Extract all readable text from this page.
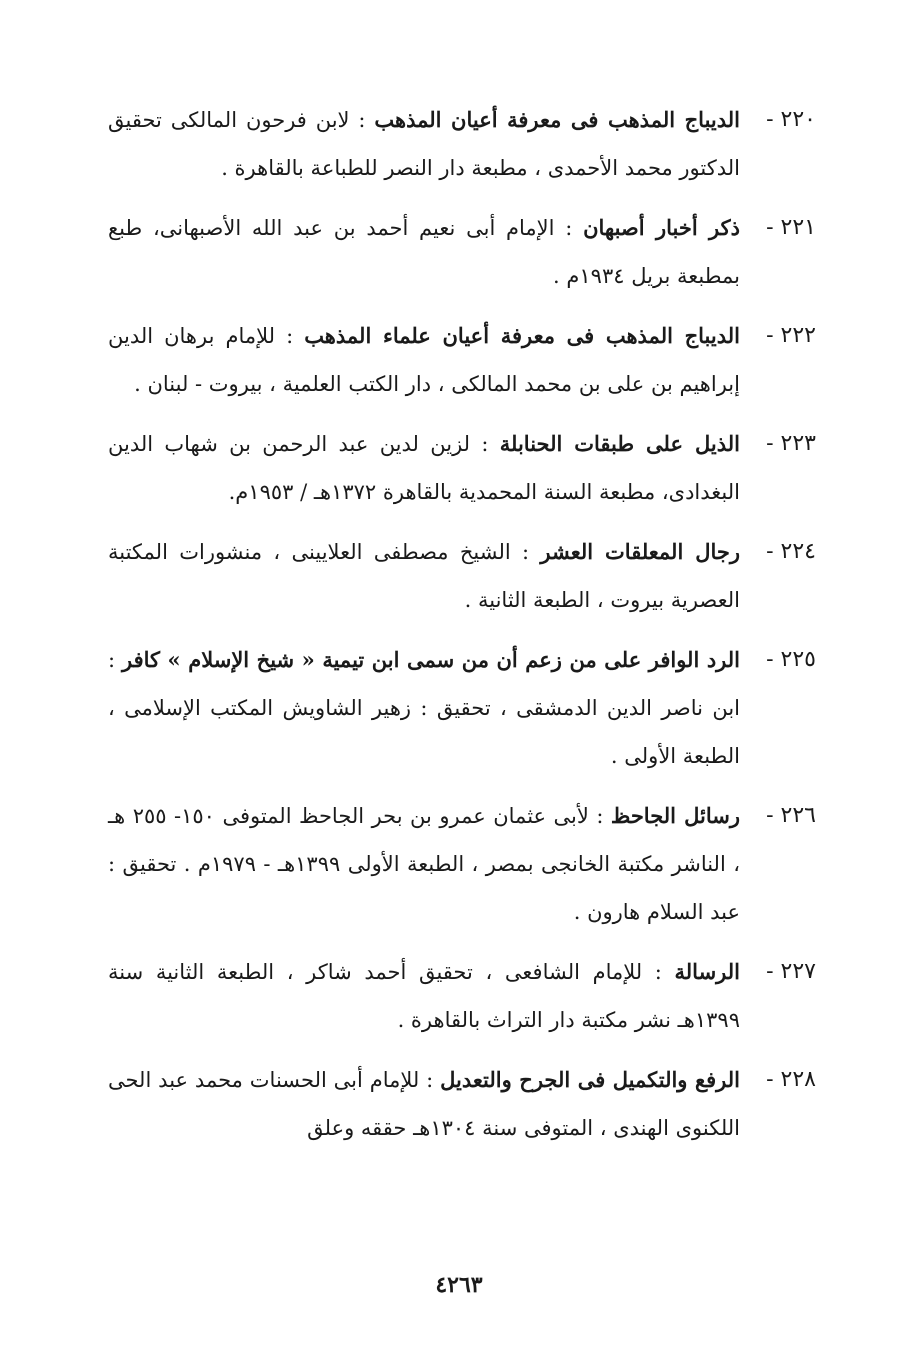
٢٢٠ -
الديباج المذهب فى معرفة أعيان المذهب : لابن فرحون المالكى تحقيق الدكتور محمد الأحمدى ، مطبعة دار النصر للطباعة بالقاهرة .
٢٢١ -
ذكر أخبار أصبهان : الإمام أبى نعيم أحمد بن عبد الله الأصبهانى، طبع بمطبعة بريل ١٩٣٤م .
٢٢٢ -
الديباج المذهب فى معرفة أعيان علماء المذهب : للإمام برهان الدين إبراهيم بن على بن محمد المالكى ، دار الكتب العلمية ، بيروت - لبنان .
٢٢٣ -
الذيل على طبقات الحنابلة : لزين لدين عبد الرحمن بن شهاب الدين البغدادى، مطبعة السنة المحمدية بالقاهرة ١٣٧٢هـ / ١٩٥٣م.
٢٢٤ -
رجال المعلقات العشر : الشيخ مصطفى العلايينى ، منشورات المكتبة العصرية بيروت ، الطبعة الثانية .
٢٢٥ -
الرد الوافر على من زعم أن من سمى ابن تيمية « شيخ الإسلام » كافر : ابن ناصر الدين الدمشقى ، تحقيق : زهير الشاويش المكتب الإسلامى ، الطبعة الأولى .
٢٢٦ -
رسائل الجاحظ : لأبى عثمان عمرو بن بحر الجاحظ المتوفى ١٥٠- ٢٥٥ هـ ، الناشر مكتبة الخانجى بمصر ، الطبعة الأولى ١٣٩٩هـ - ١٩٧٩م . تحقيق : عبد السلام هارون .
٢٢٧ -
الرسالة : للإمام الشافعى ، تحقيق أحمد شاكر ، الطبعة الثانية سنة ١٣٩٩هـ نشر مكتبة دار التراث بالقاهرة .
٢٢٨ -
الرفع والتكميل فى الجرح والتعديل : للإمام أبى الحسنات محمد عبد الحى اللكنوى الهندى ، المتوفى سنة ١٣٠٤هـ حققه وعلق
٤٢٦٣
